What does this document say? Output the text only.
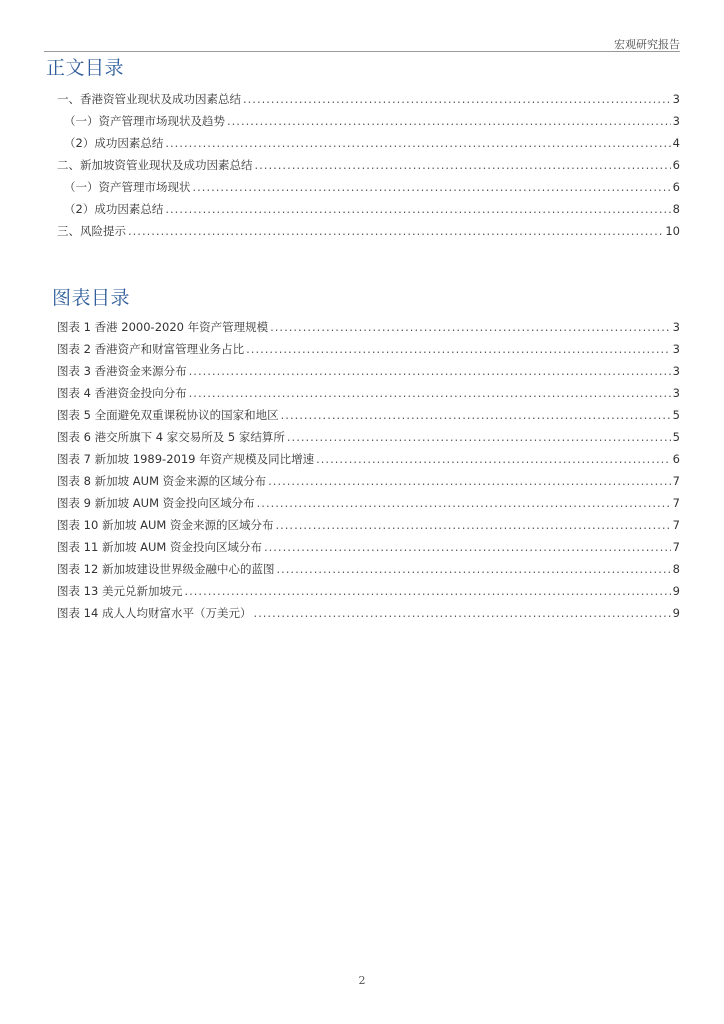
宏观研究报告
正文目录
一、香港资管业现状及成功因素总结 .....	3
（一）资产管理市场现状及趋势 .....	3
（2）成功因素总结 .....	4
二、新加坡资管业现状及成功因素总结 .....	6
（一）资产管理市场现状 .....	6
（2）成功因素总结 .....	8
三、风险提示 .....	10
图表目录
图表 1 香港 2000-2020 年资产管理规模 .....	3
图表 2 香港资产和财富管理业务占比 .....	3
图表 3 香港资金来源分布 .....	3
图表 4 香港资金投向分布 .....	3
图表 5 全面避免双重课税协议的国家和地区 .....	5
图表 6 港交所旗下 4 家交易所及 5 家结算所 .....	5
图表 7 新加坡 1989-2019 年资产规模及同比增速 .....	6
图表 8 新加坡 AUM 资金来源的区域分布 .....	7
图表 9 新加坡 AUM 资金投向区域分布 .....	7
图表 10 新加坡 AUM 资金来源的区域分布 .....	7
图表 11 新加坡 AUM 资金投向区域分布 .....	7
图表 12 新加坡建设世界级金融中心的蓝图 .....	8
图表 13 美元兑新加坡元 .....	9
图表 14 成人人均财富水平（万美元） .....	9
2
